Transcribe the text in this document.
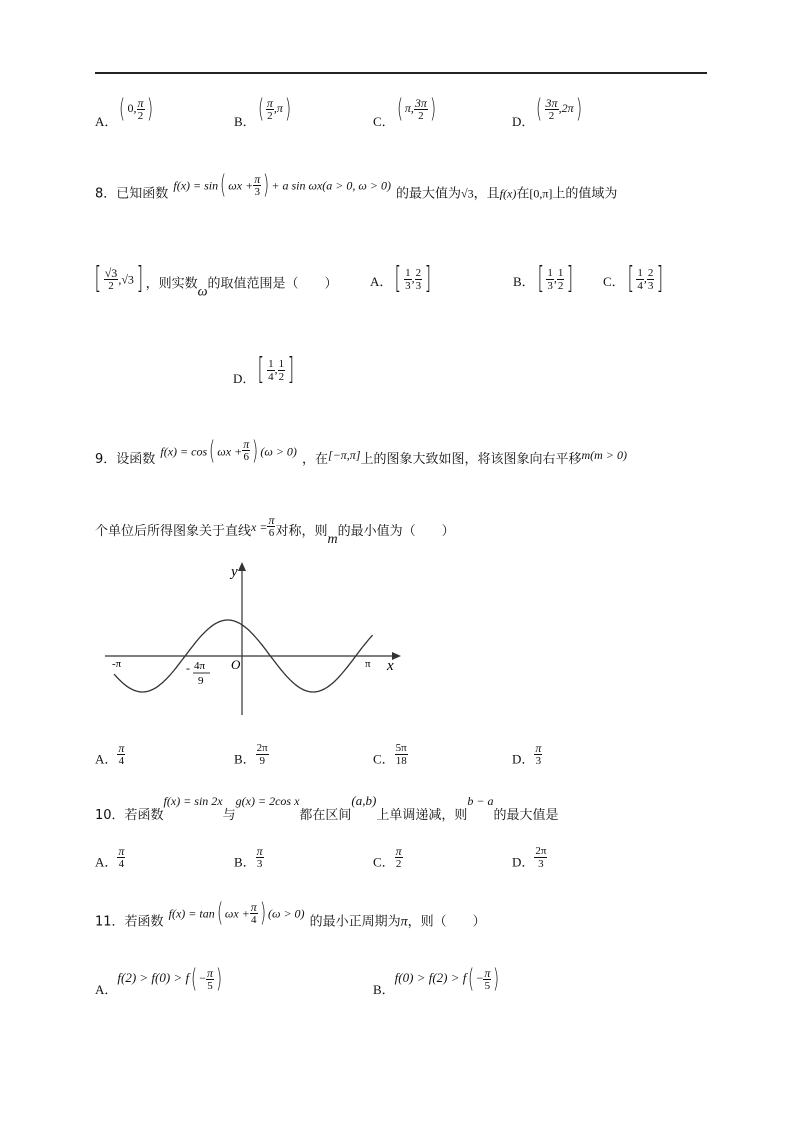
A．( 0, $\frac{\pi}{2}$ )	B．( $\frac{\pi}{2} ,\pi$)	C．( π, $\frac{3\pi}{2}$ )	D．( $\frac{3\pi}{2} ,2\pi$)
$_{8.已知函数}$ f(x) = sin( $\omega x + \frac{\pi}{3}$ ) + a sin ωx(a > 0, ω > 0) $_{的最大值为√3,且f(x)在[0,\pi]上的值域为}$
[ $\frac{√3}{2} ,√3$] $_{,则实数}\omega_{的取值范围是( )}$ A．[ $\frac{1}{3}$ , $\frac{2}{3}$ ]	B．[ $\frac{1}{3}$ , $\frac{1}{2}$ ] C．[ $\frac{1}{4}$ , $\frac{2}{3}$ ]
D．[ $\frac{1}{4}$ , $\frac{1}{2}$ ]
$_{9.设函数}$ f(x) = cos( $\omega x + \frac{\pi}{6}$ ) (ω > 0) $_{,在[-\pi,\pi]上的图象大致如图,将该图象向右平移m(m > 0)}$
$_{个单位后所得图象关于直线}x = \frac{\pi}{6} _{对称,则}m_{的最小值为( )}$
y
x
O
-π	π
- 4π
9
A． $\frac{\pi}{4}$	B． $\frac{2\pi}{9}$	C． $\frac{5\pi}{18}$	D． $\frac{\pi}{3}$
$_{10.若函数}f(x) = \sin 2x_与g(x) = 2\cos$ $x_{都在区间}(a,b)_{上单调递减,则}b - a_{的最大值是}$
A． $\frac{\pi}{4}$	B． $\frac{\pi}{3}$	C． $\frac{\pi}{2}$	D． $\frac{2\pi}{3}$
$_{11.若函数}$ f(x) = tan( $\omega x + \frac{\pi}{4}$ ) (ω > 0) $_{的最小正周期为}\pi_{,则( )}$
A．$f(2) > f(0) > f( - \frac{\pi}{5}$ )	B．$f(0) > f(2) > f( - \frac{\pi}{5}$ )
